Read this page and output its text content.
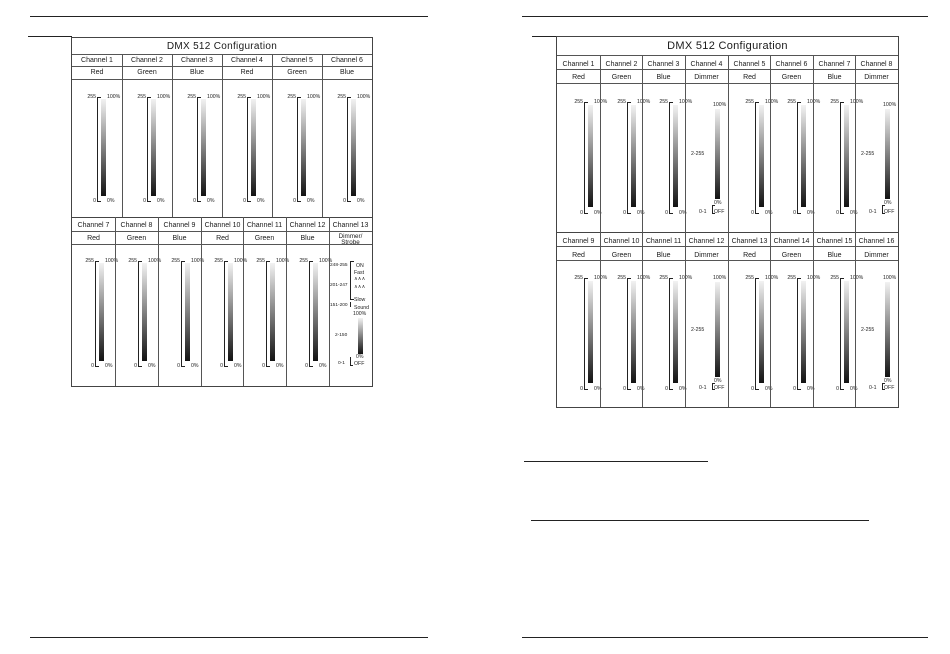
DMX 512 Configuration
Channel 1
Red
255 100%
0 0%
Channel 2
Green
255 100%
0 0%
Channel 3
Blue
255 100%
0 0%
Channel 4
Red
255 100%
0 0%
Channel 5
Green
255 100%
0 0%
Channel 6
Blue
255 100%
0 0%
Channel 7
Red
255 100%
0 0%
Channel 8
Green
255 100%
0 0%
Channel 9
Blue
255 100%
0 0%
Channel 10
Red
255 100%
0 0%
Channel 11
Green
255 100%
0 0%
Channel 12
Blue
255 100%
0 0%
Channel 13
Dimmer/
Strobe
248-255 ON
Fast
∧∧∧
201-247 ∧∧∧
151-200
Slow
Sound
100%
2-150
0%
0-1 OFF
DMX 512 Configuration
Channel 1
Red
255 100%
0 0%
Channel 2
Green
255 100%
0 0%
Channel 3
Blue
255 100%
0 0%
Channel 4
Dimmer
100%
2-255
0%
0-1 OFF
Channel 5
Red
255 100%
0 0%
Channel 6
Green
255 100%
0 0%
Channel 7
Blue
255 100%
0 0%
Channel 8
Dimmer
100%
2-255
0%
0-1 OFF
Channel 9
Red
255 100%
0 0%
Channel 10
Green
255 100%
0 0%
Channel 11
Blue
255 100%
0 0%
Channel 12
Dimmer
100%
2-255
0%
0-1 OFF
Channel 13
Red
255 100%
0 0%
Channel 14
Green
255 100%
0 0%
Channel 15
Blue
255 100%
0 0%
Channel 16
Dimmer
100%
2-255
0%
0-1 OFF
